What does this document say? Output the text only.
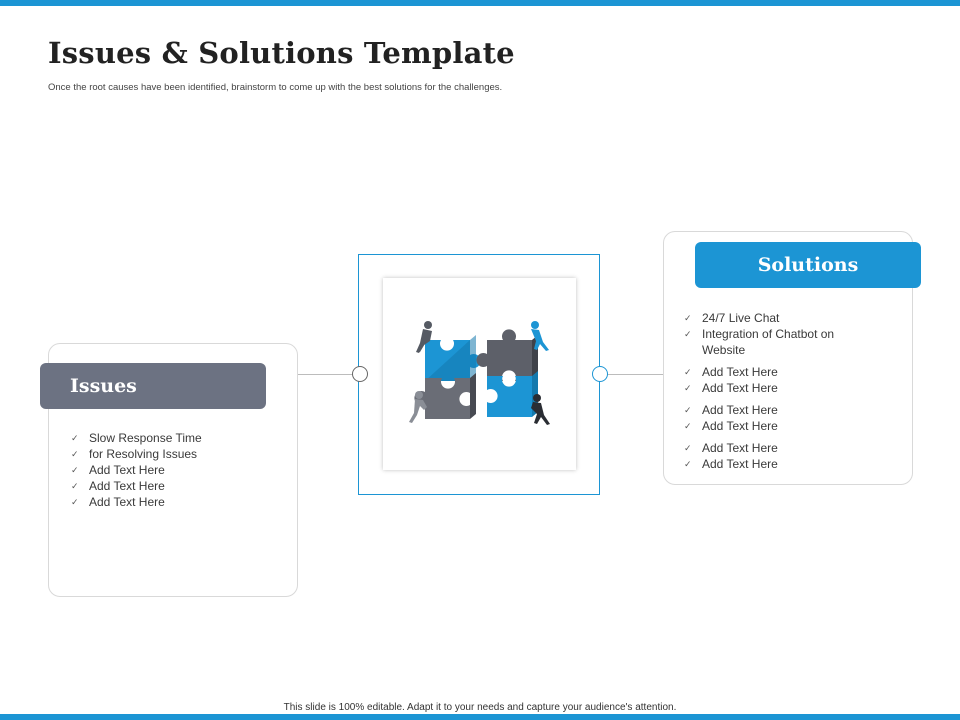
Issues & Solutions Template

Once the root causes have been identified, brainstorm to come up with the best solutions for the challenges.

Issues
✓ Slow Response Time
✓ for Resolving Issues
✓ Add Text Here
✓ Add Text Here
✓ Add Text Here
Solutions
✓ 24/7 Live Chat
✓ Integration of Chatbot on
Website
✓ Add Text Here
✓ Add Text Here
✓ Add Text Here
✓ Add Text Here
✓ Add Text Here
✓ Add Text Here

This slide is 100% editable. Adapt it to your needs and capture your audience's attention.
